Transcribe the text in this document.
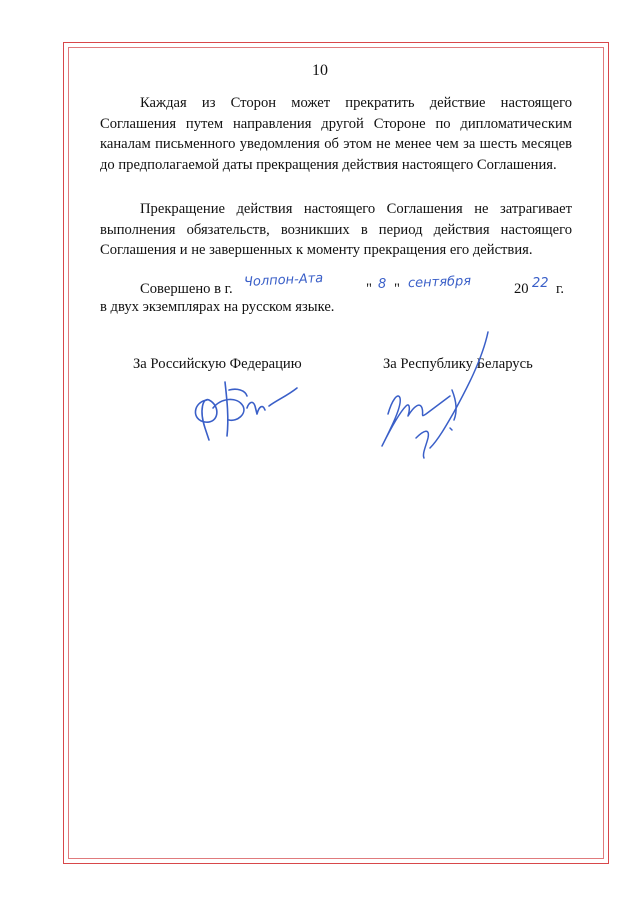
10

Каждая из Сторон может прекратить действие настоящего Соглашения путем направления другой Стороне по дипломатическим каналам письменного уведомления об этом не менее чем за шесть месяцев до предполагаемой даты прекращения действия настоящего Соглашения.

Прекращение действия настоящего Соглашения не затрагивает выполнения обязательств, возникших в период действия настоящего Соглашения и не завершенных к моменту прекращения его действия.

Совершено в г. Чолпон-Ата	" 8 " сентября	20 22 г.
в двух экземплярах на русском языке.
За Российскую Федерацию	За Республику Беларусь
